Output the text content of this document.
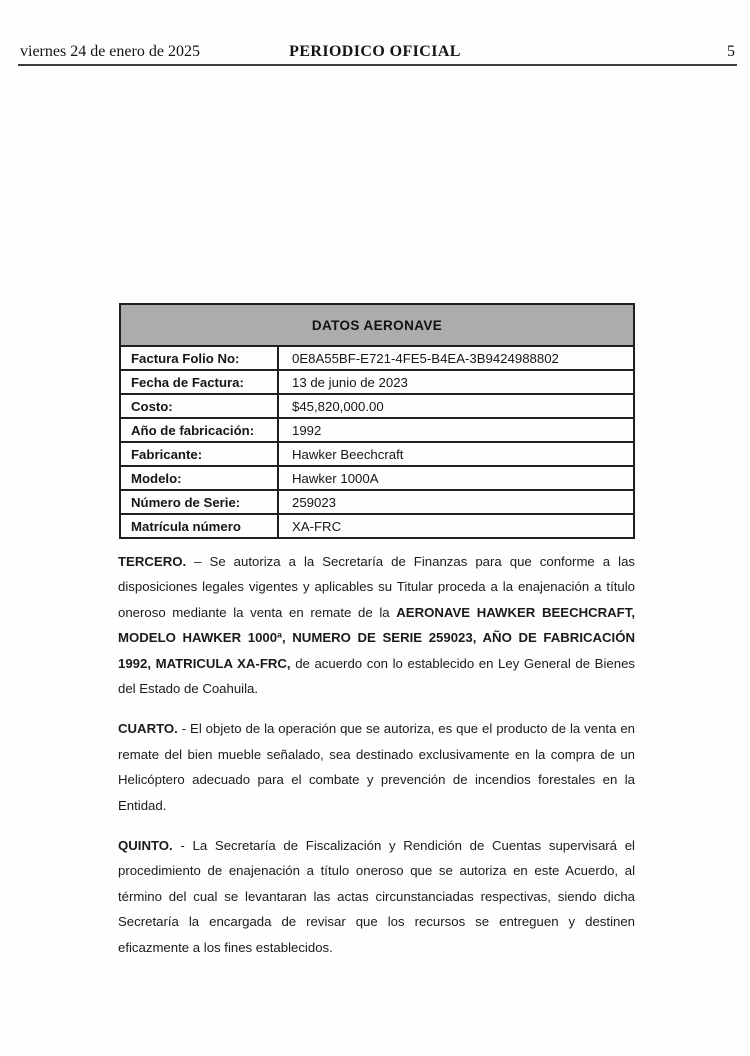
viernes 24 de enero de 2025	PERIODICO OFICIAL	5
DATOS AERONAVE	
Factura Folio No:	0E8A55BF-E721-4FE5-B4EA-3B9424988802
Fecha de Factura:	13 de junio de 2023
Costo:	$45,820,000.00
Año de fabricación:	1992
Fabricante:	Hawker Beechcraft
Modelo:	Hawker 1000A
Número de Serie:	259023
Matrícula número	XA-FRC
TERCERO. – Se autoriza a la Secretaría de Finanzas para que conforme a las
disposiciones legales vigentes y aplicables su Titular proceda a la enajenación a título
oneroso mediante la venta en remate de la AERONAVE HAWKER BEECHCRAFT,
MODELO HAWKER 1000ª, NUMERO DE SERIE 259023, AÑO DE FABRICACIÓN
1992, MATRICULA XA-FRC, de acuerdo con lo establecido en Ley General de Bienes
del Estado de Coahuila.
CUARTO. - El objeto de la operación que se autoriza, es que el producto de la venta en
remate del bien mueble señalado, sea destinado exclusivamente en la compra de un
Helicóptero adecuado para el combate y prevención de incendios forestales en la
Entidad.
QUINTO. - La Secretaría de Fiscalización y Rendición de Cuentas supervisará el
procedimiento de enajenación a título oneroso que se autoriza en este Acuerdo, al
término del cual se levantaran las actas circunstanciadas respectivas, siendo dicha
Secretaría la encargada de revisar que los recursos se entreguen y destinen
eficazmente a los fines establecidos.
